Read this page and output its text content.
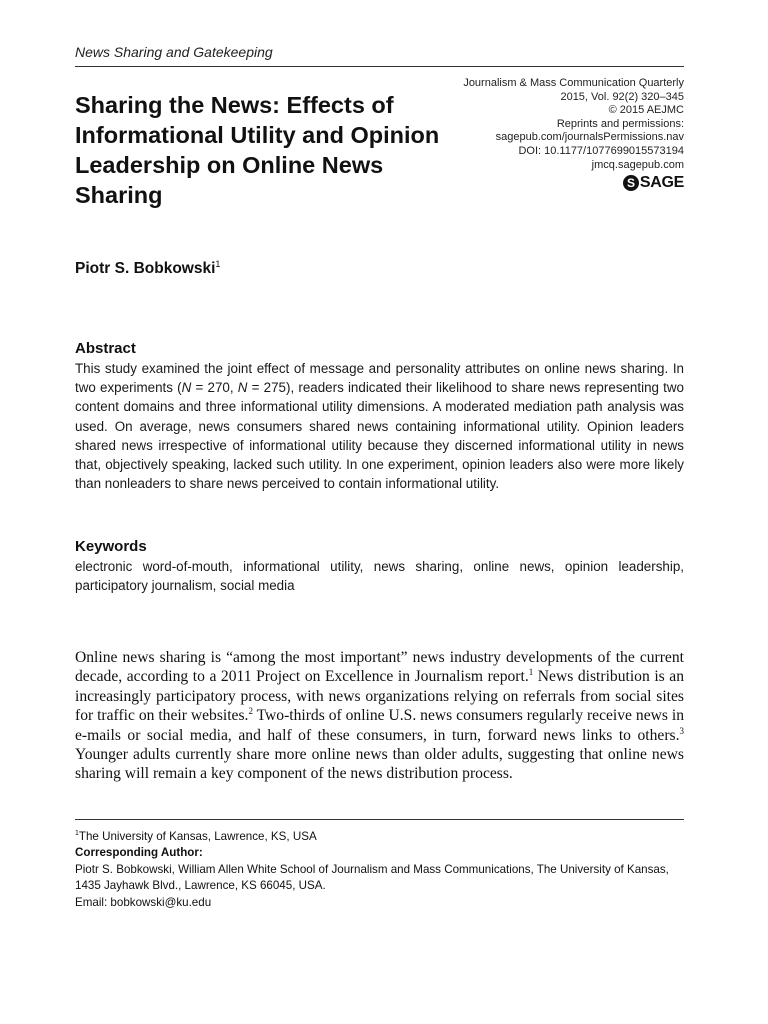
News Sharing and Gatekeeping
Journalism & Mass Communication Quarterly
2015, Vol. 92(2) 320–345
© 2015 AEJMC
Reprints and permissions:
sagepub.com/journalsPermissions.nav
DOI: 10.1177/1077699015573194
jmcq.sagepub.com
S SAGE
Sharing the News: Effects of Informational Utility and Opinion Leadership on Online News Sharing
Piotr S. Bobkowski$^1$
Abstract

This study examined the joint effect of message and personality attributes on online news sharing. In two experiments (N = 270, N = 275), readers indicated their likelihood to share news representing two content domains and three informational utility dimensions. A moderated mediation path analysis was used. On average, news consumers shared news containing informational utility. Opinion leaders shared news irrespective of informational utility because they discerned informational utility in news that, objectively speaking, lacked such utility. In one experiment, opinion leaders also were more likely than nonleaders to share news perceived to contain informational utility.

Keywords

electronic word-of-mouth, informational utility, news sharing, online news, opinion leadership, participatory journalism, social media

Online news sharing is “among the most important” news industry developments of the current decade, according to a 2011 Project on Excellence in Journalism report.$^1$ News distribution is an increasingly participatory process, with news organizations relying on referrals from social sites for traffic on their websites.$^2$ Two-thirds of online U.S. news consumers regularly receive news in e-mails or social media, and half of these consumers, in turn, forward news links to others.$^3$ Younger adults currently share more online news than older adults, suggesting that online news sharing will remain a key component of the news distribution process.

$^1$The University of Kansas, Lawrence, KS, USA

Corresponding Author:

Piotr S. Bobkowski, William Allen White School of Journalism and Mass Communications, The University of Kansas, 1435 Jayhawk Blvd., Lawrence, KS 66045, USA.

Email: bobkowski@ku.edu
